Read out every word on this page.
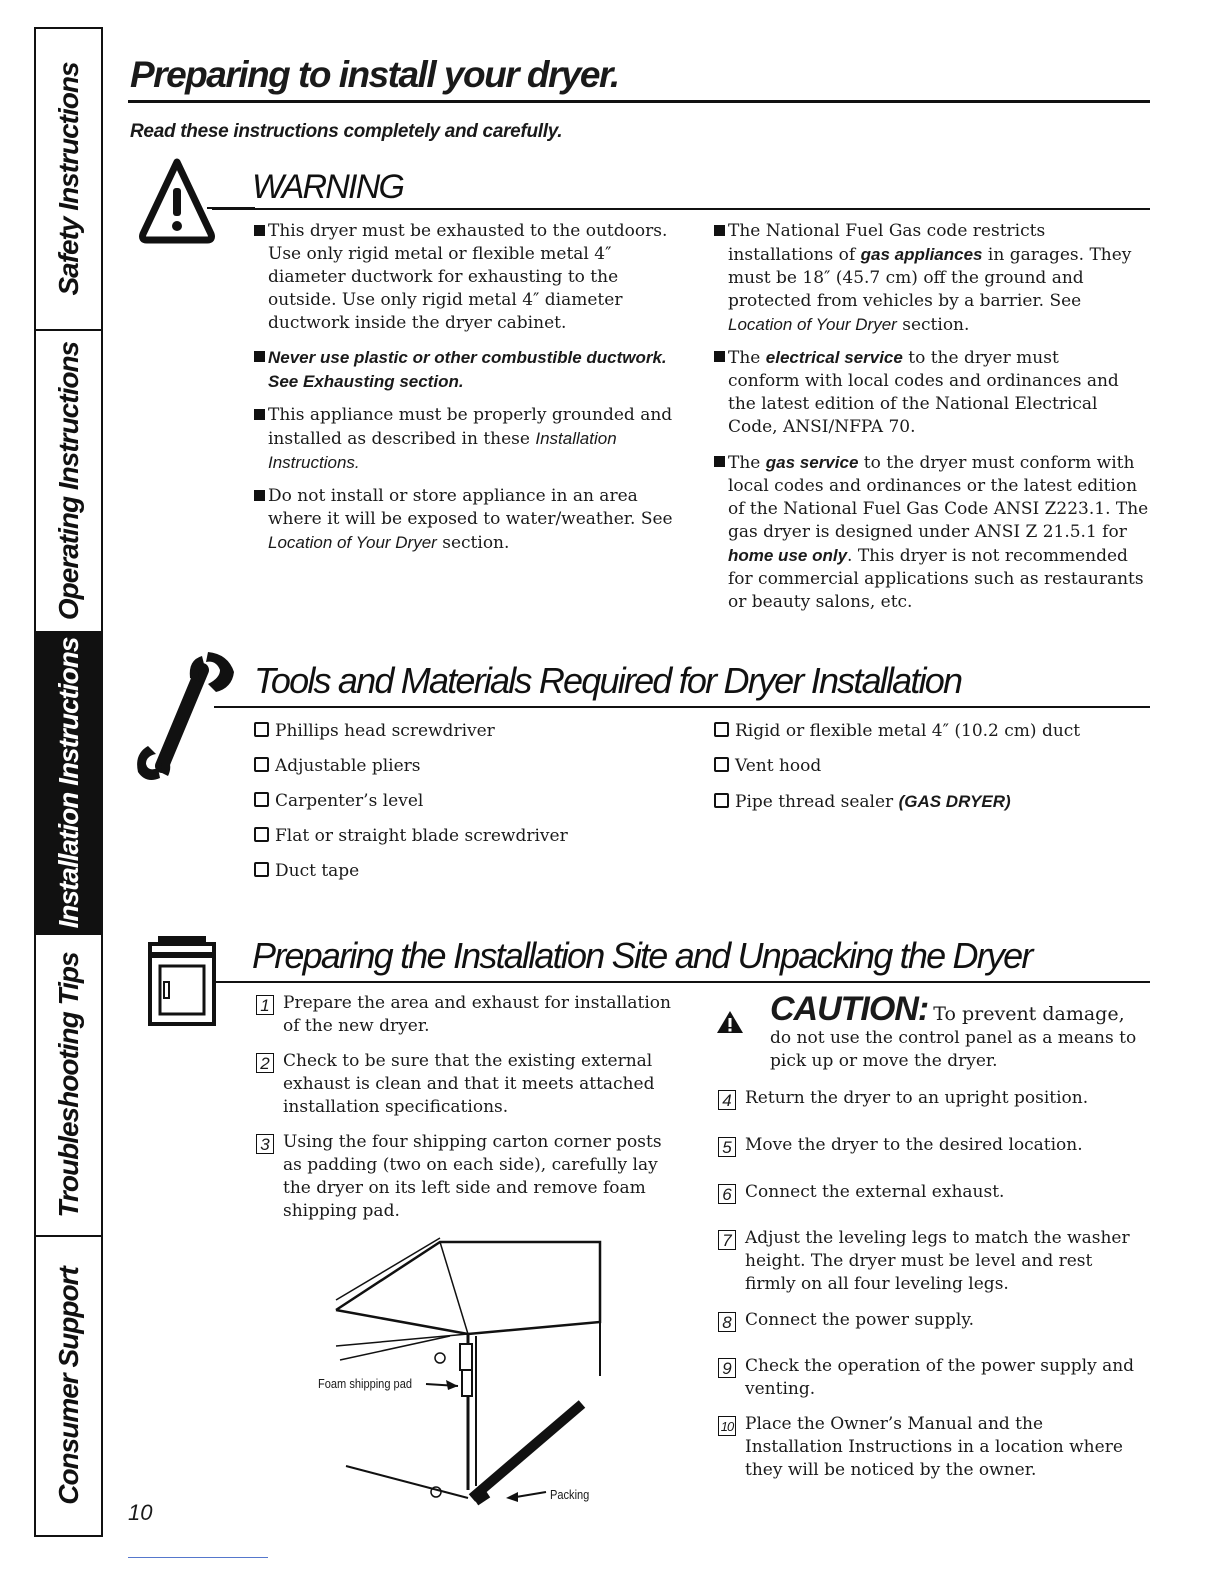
Safety Instructions
Operating Instructions
Installation Instructions
Troubleshooting Tips
Consumer Support
Preparing to install your dryer.
Read these instructions completely and carefully.
WARNING
This dryer must be exhausted to the outdoors. Use only rigid metal or flexible metal 4″ diameter ductwork for exhausting to the outside. Use only rigid metal 4″ diameter ductwork inside the dryer cabinet.
Never use plastic or other combustible ductwork.
See Exhausting section.
This appliance must be properly grounded and installed as described in these Installation Instructions.
Do not install or store appliance in an area where it will be exposed to water/weather. See Location of Your Dryer section.
The National Fuel Gas code restricts installations of gas appliances in garages. They must be 18″ (45.7 cm) off the ground and protected from vehicles by a barrier. See Location of Your Dryer section.
The electrical service to the dryer must conform with local codes and ordinances and the latest edition of the National Electrical Code, ANSI/NFPA 70.
The gas service to the dryer must conform with local codes and ordinances or the latest edition of the National Fuel Gas Code ANSI Z223.1. The gas dryer is designed under ANSI Z 21.5.1 for home use only. This dryer is not recommended for commercial applications such as restaurants or beauty salons, etc.
Tools and Materials Required for Dryer Installation
Phillips head screwdriver
Adjustable pliers
Carpenter’s level
Flat or straight blade screwdriver
Duct tape
Rigid or flexible metal 4″ (10.2 cm) duct
Vent hood
Pipe thread sealer (GAS DRYER)
Preparing the Installation Site and Unpacking the Dryer
1 Prepare the area and exhaust for installation of the new dryer.
2 Check to be sure that the existing external exhaust is clean and that it meets attached installation specifications.
3 Using the four shipping carton corner posts as padding (two on each side), carefully lay the dryer on its left side and remove foam shipping pad.
CAUTION: To prevent damage,
do not use the control panel as a means to pick up or move the dryer.
4 Return the dryer to an upright position.
5 Move the dryer to the desired location.
6 Connect the external exhaust.
7 Adjust the leveling legs to match the washer height. The dryer must be level and rest firmly on all four leveling legs.
8 Connect the power supply.
9 Check the operation of the power supply and venting.
10 Place the Owner’s Manual and the Installation Instructions in a location where they will be noticed by the owner.
Foam shipping pad
Packing
10
